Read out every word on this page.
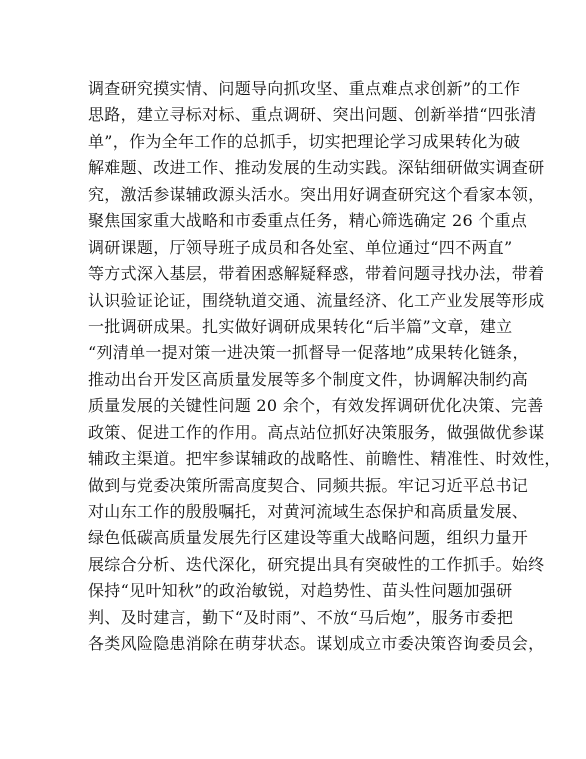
调查研究摸实情、问题导向抓攻坚、重点难点求创新”的工作
思路，建立寻标对标、重点调研、突出问题、创新举措“四张清
单”，作为全年工作的总抓手，切实把理论学习成果转化为破
解难题、改进工作、推动发展的生动实践。深钻细研做实调查研
究，激活参谋辅政源头活水。突出用好调查研究这个看家本领，
聚焦国家重大战略和市委重点任务，精心筛选确定 26 个重点
调研课题，厅领导班子成员和各处室、单位通过“四不两直”
等方式深入基层，带着困惑解疑释惑，带着问题寻找办法，带着
认识验证论证，围绕轨道交通、流量经济、化工产业发展等形成
一批调研成果。扎实做好调研成果转化“后半篇”文章，建立
“列清单一提对策一进决策一抓督导一促落地”成果转化链条，
推动出台开发区高质量发展等多个制度文件，协调解决制约高
质量发展的关键性问题 20 余个，有效发挥调研优化决策、完善
政策、促进工作的作用。高点站位抓好决策服务，做强做优参谋
辅政主渠道。把牢参谋辅政的战略性、前瞻性、精准性、时效性，
做到与党委决策所需高度契合、同频共振。牢记习近平总书记
对山东工作的殷殷嘱托，对黄河流域生态保护和高质量发展、
绿色低碳高质量发展先行区建设等重大战略问题，组织力量开
展综合分析、迭代深化，研究提出具有突破性的工作抓手。始终
保持“见叶知秋”的政治敏锐，对趋势性、苗头性问题加强研
判、及时建言，勤下“及时雨”、不放“马后炮”，服务市委把
各类风险隐患消除在萌芽状态。谋划成立市委决策咨询委员会，
